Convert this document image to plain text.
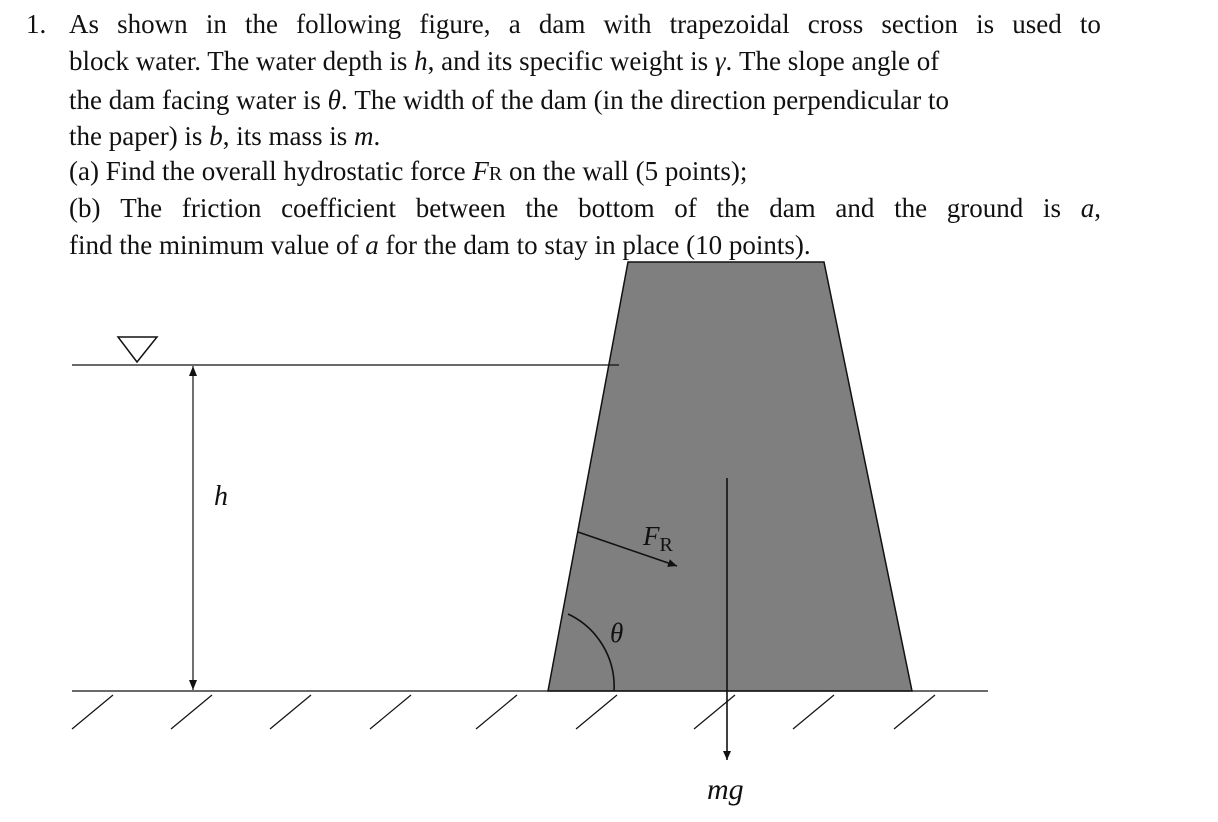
1. As shown in the following figure, a dam with trapezoidal cross section is used to
block water. The water depth is h, and its specific weight is γ. The slope angle of
the dam facing water is θ. The width of the dam (in the direction perpendicular to
the paper) is b, its mass is m.
(a) Find the overall hydrostatic force FR on the wall (5 points);
(b) The friction coefficient between the bottom of the dam and the ground is a,
find the minimum value of a for the dam to stay in place (10 points).
h
$F_R$
θ
mg
